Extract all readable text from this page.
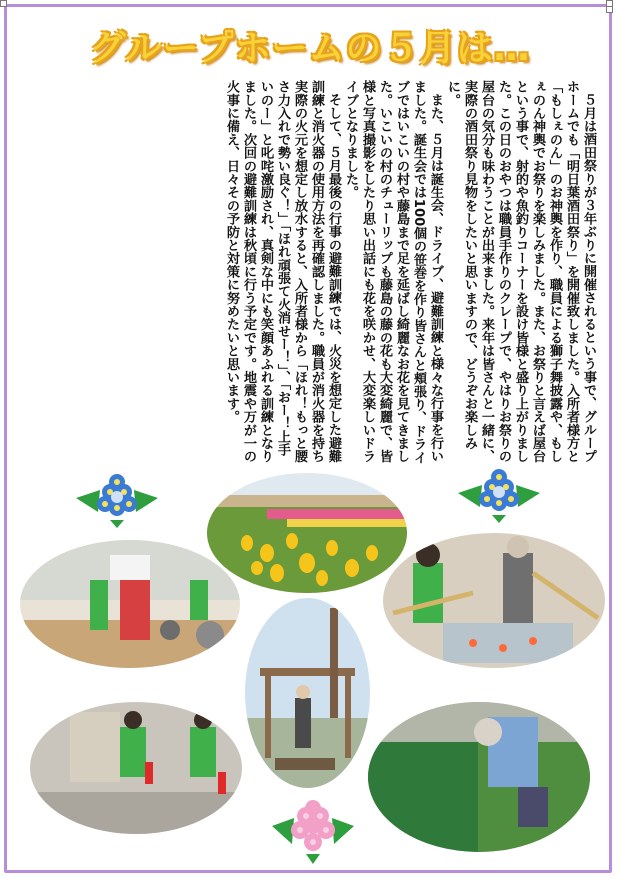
グループホームの５月は…

５月は酒田祭りが３年ぶりに開催されるという事で、グループホームでも「明日葉酒田祭り」を開催致しました。入所者様方と「もしぇのん」のお神輿を作り、職員による獅子舞披露や、もしぇのん神輿でお祭りを楽しみました。また、お祭りと言えば屋台という事で、射的や魚釣りコーナーを設け皆様と盛り上がりました。この日のおやつは職員手作りのクレープで、やはりお祭りの屋台の気分も味わうことが出来ました。来年は皆さんと一緒に、実際の酒田祭り見物をしたいと思いますので、どうぞお楽しみに。

また、５月は誕生会、ドライブ、避難訓練と様々な行事を行いました。誕生会では100個の笹巻を作り皆さんと頬張り、ドライブではいこいの村や藤島まで足を延ばし綺麗なお花を見てきました。いこいの村のチューリップも藤島の藤の花も大変綺麗で、皆様と写真撮影をしたり思い出話にも花を咲かせ、大変楽しいドライブとなりました。

そして、５月最後の行事の避難訓練では、火災を想定した避難訓練と消火器の使用方法を再確認しました。職員が消火器を持ち実際の火元を想定し放水すると、入所者様から「ほれ！もっと腰さ力入れで勢い良ぐ！」「ほれ頑張て火消せー！」、「おー！上手いのー」と叱咤激励され、真剣な中にも笑顔あふれる訓練となりました。次回の避難訓練は秋頃に行う予定です。地震や万が一の火事に備え、日々その予防と対策に努めたいと思います。
